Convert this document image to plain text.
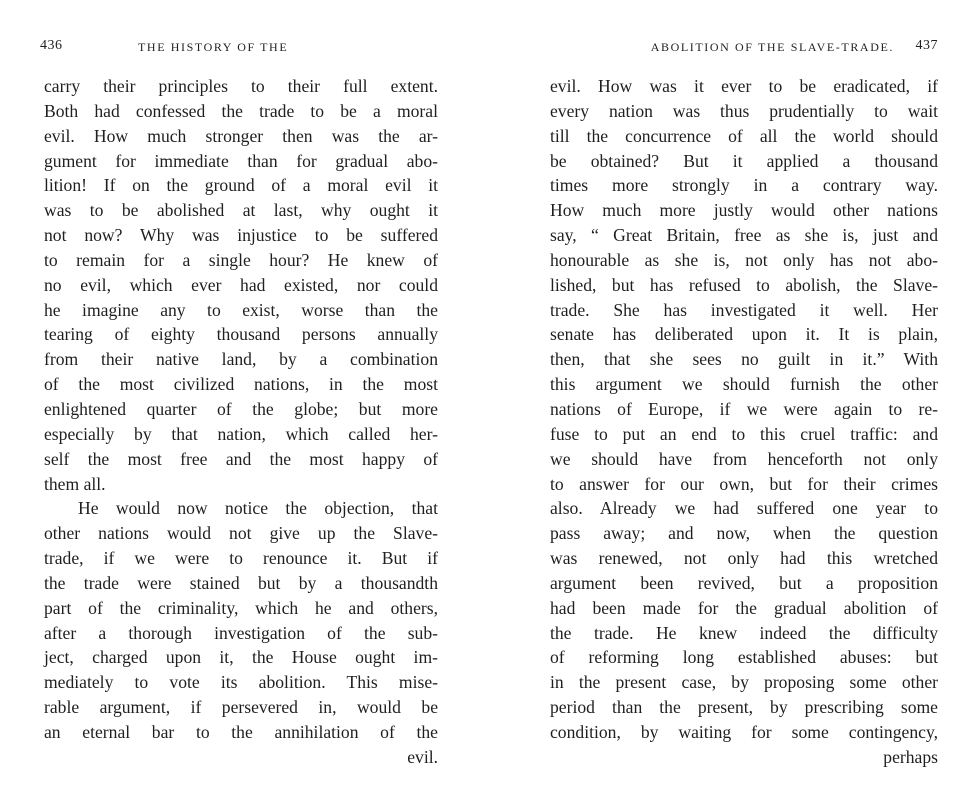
436	THE HISTORY OF THE
carry their principles to their full extent.
Both had confessed the trade to be a moral
evil. How much stronger then was the ar-
gument for immediate than for gradual abo-
lition! If on the ground of a moral evil it
was to be abolished at last, why ought it
not now? Why was injustice to be suffered
to remain for a single hour? He knew of
no evil, which ever had existed, nor could
he imagine any to exist, worse than the
tearing of eighty thousand persons annually
from their native land, by a combination
of the most civilized nations, in the most
enlightened quarter of the globe; but more
especially by that nation, which called her-
self the most free and the most happy of
them all.
He would now notice the objection, that
other nations would not give up the Slave-
trade, if we were to renounce it. But if
the trade were stained but by a thousandth
part of the criminality, which he and others,
after a thorough investigation of the sub-
ject, charged upon it, the House ought im-
mediately to vote its abolition. This mise-
rable argument, if persevered in, would be
an eternal bar to the annihilation of the
evil.
ABOLITION OF THE SLAVE-TRADE. 437
evil. How was it ever to be eradicated, if
every nation was thus prudentially to wait
till the concurrence of all the world should
be obtained? But it applied a thousand
times more strongly in a contrary way.
How much more justly would other nations
say, “ Great Britain, free as she is, just and
honourable as she is, not only has not abo-
lished, but has refused to abolish, the Slave-
trade. She has investigated it well. Her
senate has deliberated upon it. It is plain,
then, that she sees no guilt in it.” With
this argument we should furnish the other
nations of Europe, if we were again to re-
fuse to put an end to this cruel traffic: and
we should have from henceforth not only
to answer for our own, but for their crimes
also. Already we had suffered one year to
pass away; and now, when the question
was renewed, not only had this wretched
argument been revived, but a proposition
had been made for the gradual abolition of
the trade. He knew indeed the difficulty
of reforming long established abuses: but
in the present case, by proposing some other
period than the present, by prescribing some
condition, by waiting for some contingency,
perhaps
